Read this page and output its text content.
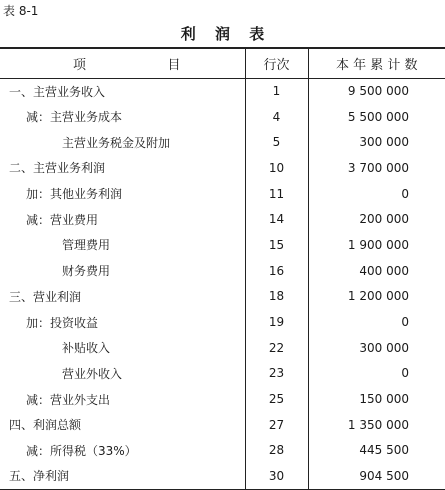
表 8-1
利 润 表
项 目	行次	本 年 累 计 数
一、主营业务收入	1	9 500 000
减：主营业务成本	4	5 500 000
主营业务税金及附加	5	300 000
二、主营业务利润	10	3 700 000
加：其他业务利润	11	0
减：营业费用	14	200 000
管理费用	15	1 900 000
财务费用	16	400 000
三、营业利润	18	1 200 000
加：投资收益	19	0
补贴收入	22	300 000
营业外收入	23	0
减：营业外支出	25	150 000
四、利润总额	27	1 350 000
减：所得税（33%）	28	445 500
五、净利润	30	904 500
